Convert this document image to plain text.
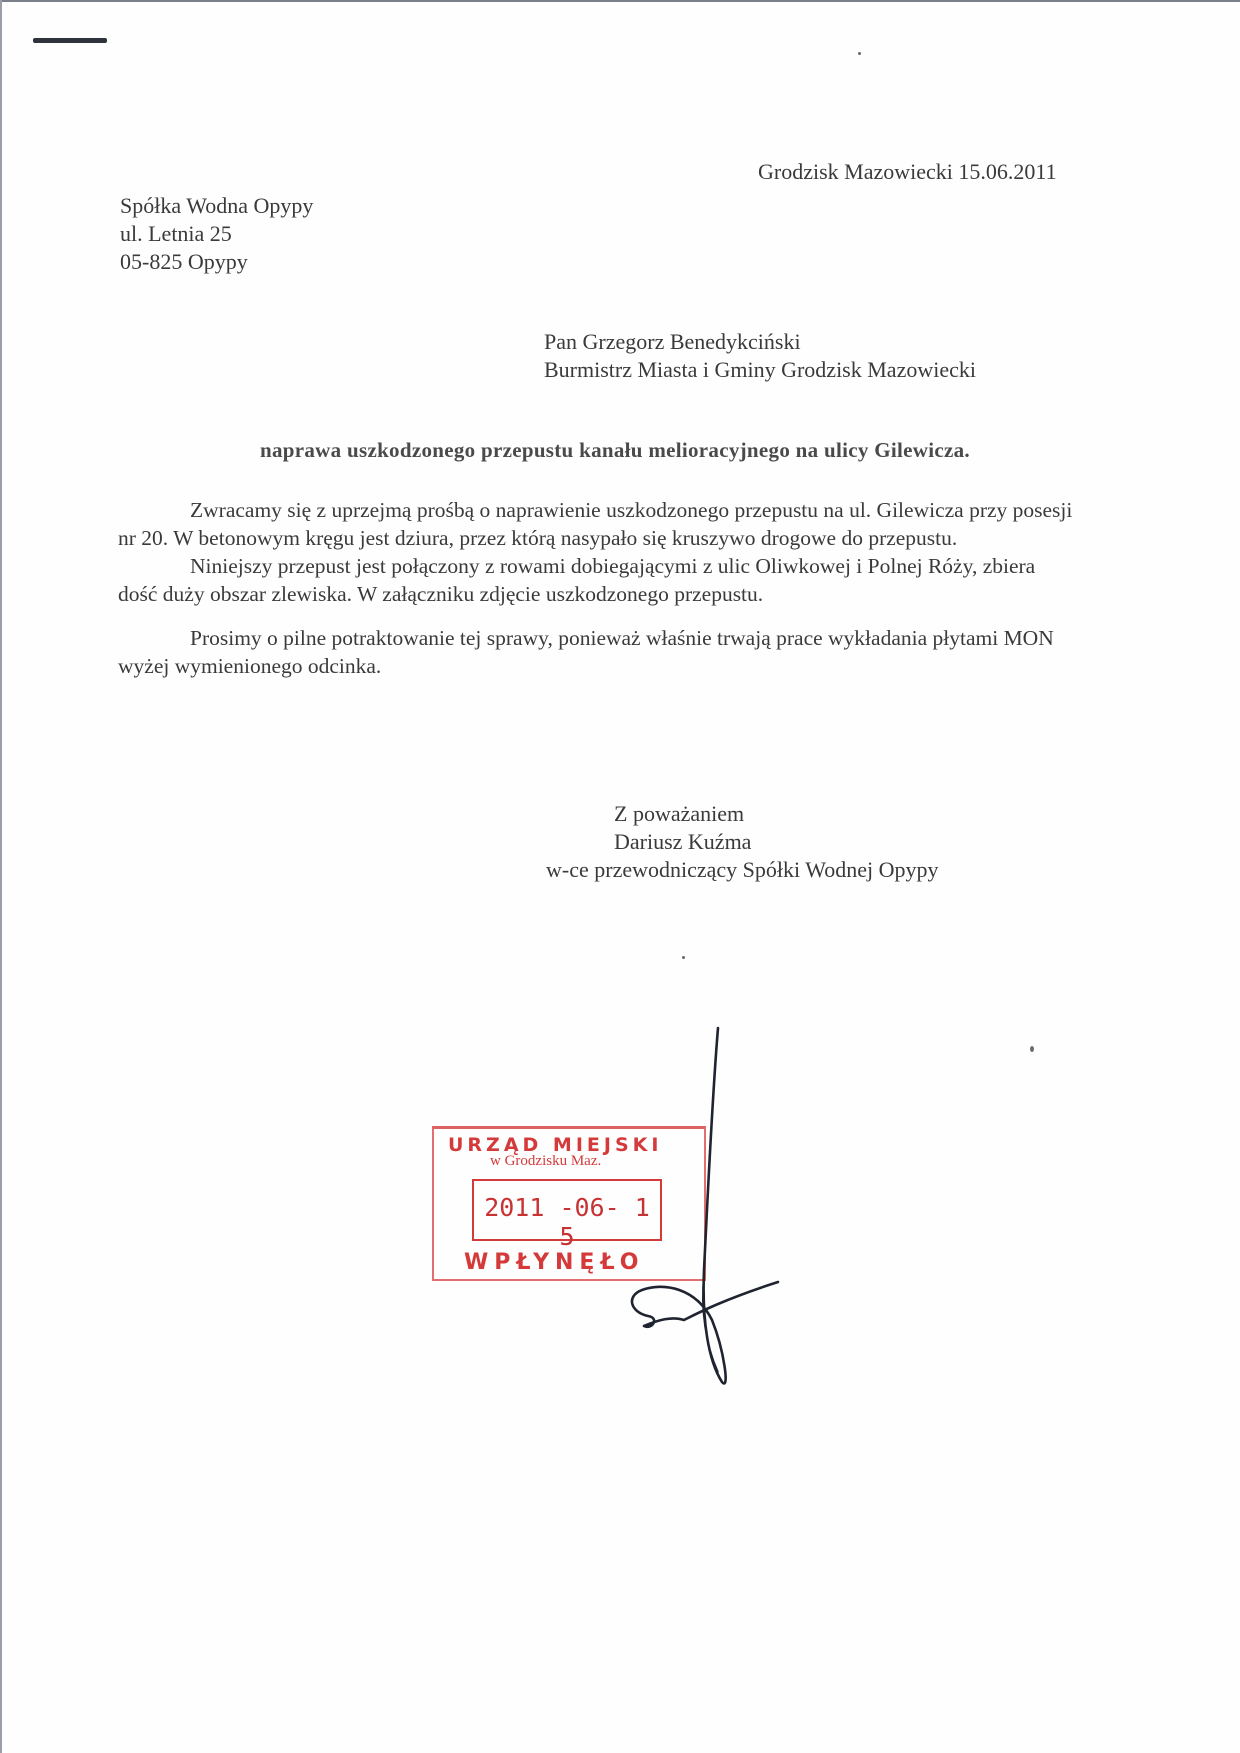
Grodzisk Mazowiecki 15.06.2011
Spółka Wodna Opypy
ul. Letnia 25
05-825 Opypy
Pan Grzegorz Benedykciński
Burmistrz Miasta i Gminy Grodzisk Mazowiecki
naprawa uszkodzonego przepustu kanału melioracyjnego na ulicy Gilewicza.

Zwracamy się z uprzejmą prośbą o naprawienie uszkodzonego przepustu na ul. Gilewicza przy posesji nr 20. W betonowym kręgu jest dziura, przez którą nasypało się kruszywo drogowe do przepustu.

Niniejszy przepust jest połączony z rowami dobiegającymi z ulic Oliwkowej i Polnej Róży, zbiera dość duży obszar zlewiska. W załączniku zdjęcie uszkodzonego przepustu.

Prosimy o pilne potraktowanie tej sprawy, ponieważ właśnie trwają prace wykładania płytami MON wyżej wymienionego odcinka.

Z poważaniem
Dariusz Kuźma
w-ce przewodniczący Spółki Wodnej Opypy
URZĄD MIEJSKI
w Grodzisku Maz.
2011 -06- 1 5
WPŁYNĘŁO
